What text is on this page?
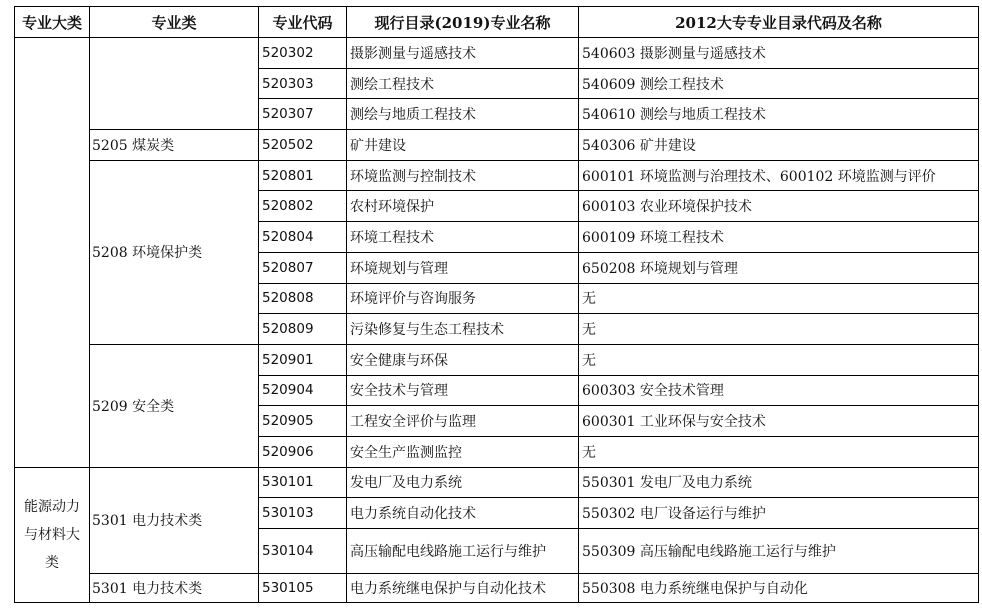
专业大类	专业类	专业代码	现行目录(2019)专业名称	2012大专专业目录代码及名称
		520302	摄影测量与遥感技术	540603 摄影测量与遥感技术
		520303	测绘工程技术	540609 测绘工程技术
		520307	测绘与地质工程技术	540610 测绘与地质工程技术
	5205 煤炭类	520502	矿井建设	540306 矿井建设
	5208 环境保护类	520801	环境监测与控制技术	600101 环境监测与治理技术、600102 环境监测与评价
		520802	农村环境保护	600103 农业环境保护技术
		520804	环境工程技术	600109 环境工程技术
		520807	环境规划与管理	650208 环境规划与管理
		520808	环境评价与咨询服务	无
		520809	污染修复与生态工程技术	无
	5209 安全类	520901	安全健康与环保	无
		520904	安全技术与管理	600303 安全技术管理
		520905	工程安全评价与监理	600301 工业环保与安全技术
		520906	安全生产监测监控	无
能源动力与材料大类	5301 电力技术类	530101	发电厂及电力系统	550301 发电厂及电力系统
		530103	电力系统自动化技术	550302 电厂设备运行与维护
		530104	高压输配电线路施工运行与维护	550309 高压输配电线路施工运行与维护
	5301 电力技术类	530105	电力系统继电保护与自动化技术	550308 电力系统继电保护与自动化
